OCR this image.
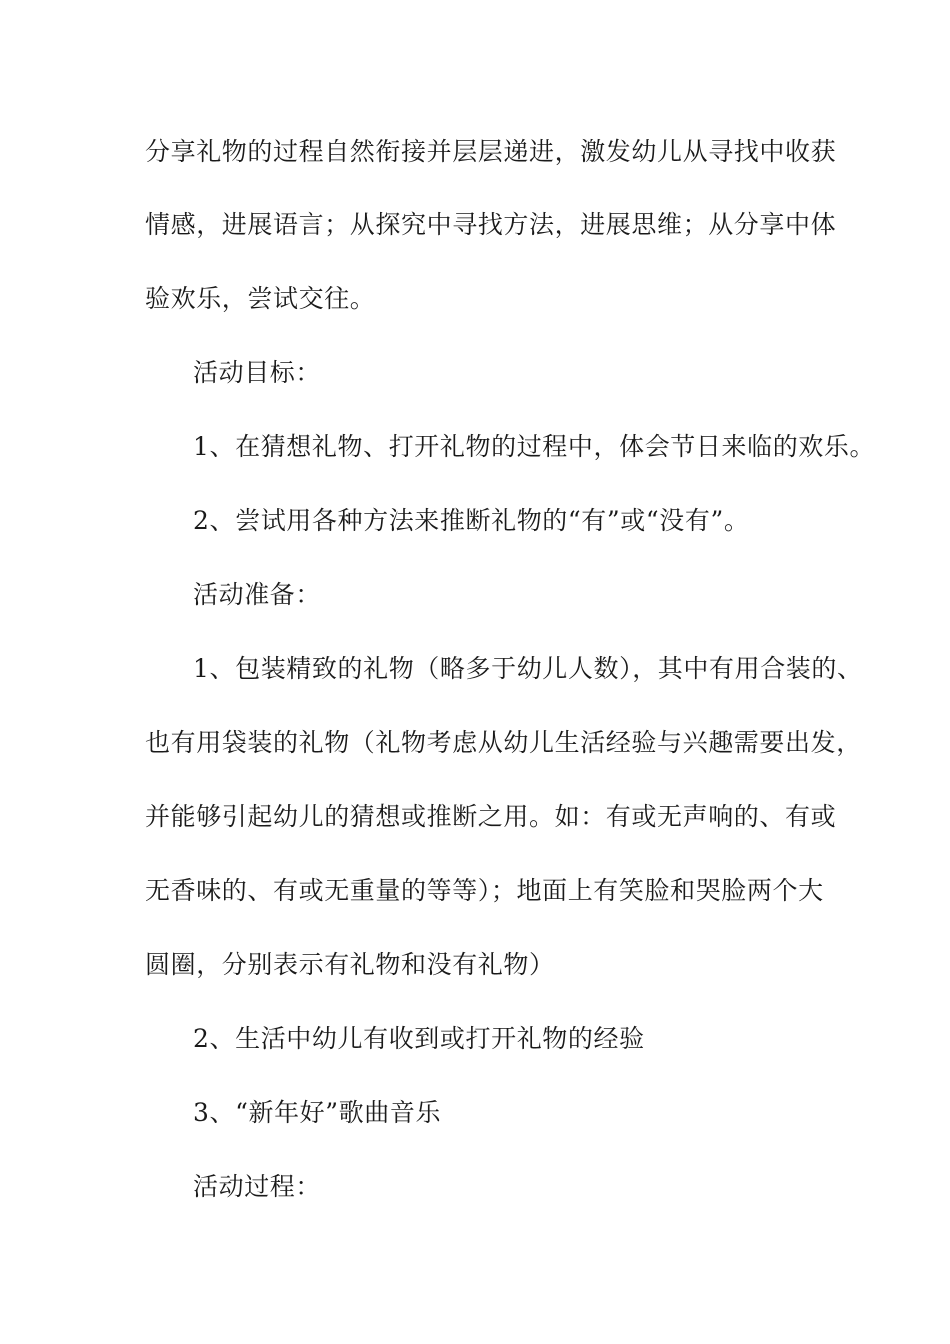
分享礼物的过程自然衔接并层层递进，激发幼儿从寻找中收获
情感，进展语言；从探究中寻找方法，进展思维；从分享中体
验欢乐，尝试交往。
活动目标：
1、在猜想礼物、打开礼物的过程中，体会节日来临的欢乐。
2、尝试用各种方法来推断礼物的“有”或“没有”。
活动准备：
1、包装精致的礼物（略多于幼儿人数），其中有用合装的、
也有用袋装的礼物（礼物考虑从幼儿生活经验与兴趣需要出发，
并能够引起幼儿的猜想或推断之用。如：有或无声响的、有或
无香味的、有或无重量的等等）；地面上有笑脸和哭脸两个大
圆圈，分别表示有礼物和没有礼物）
2、生活中幼儿有收到或打开礼物的经验
3、“新年好”歌曲音乐
活动过程：
